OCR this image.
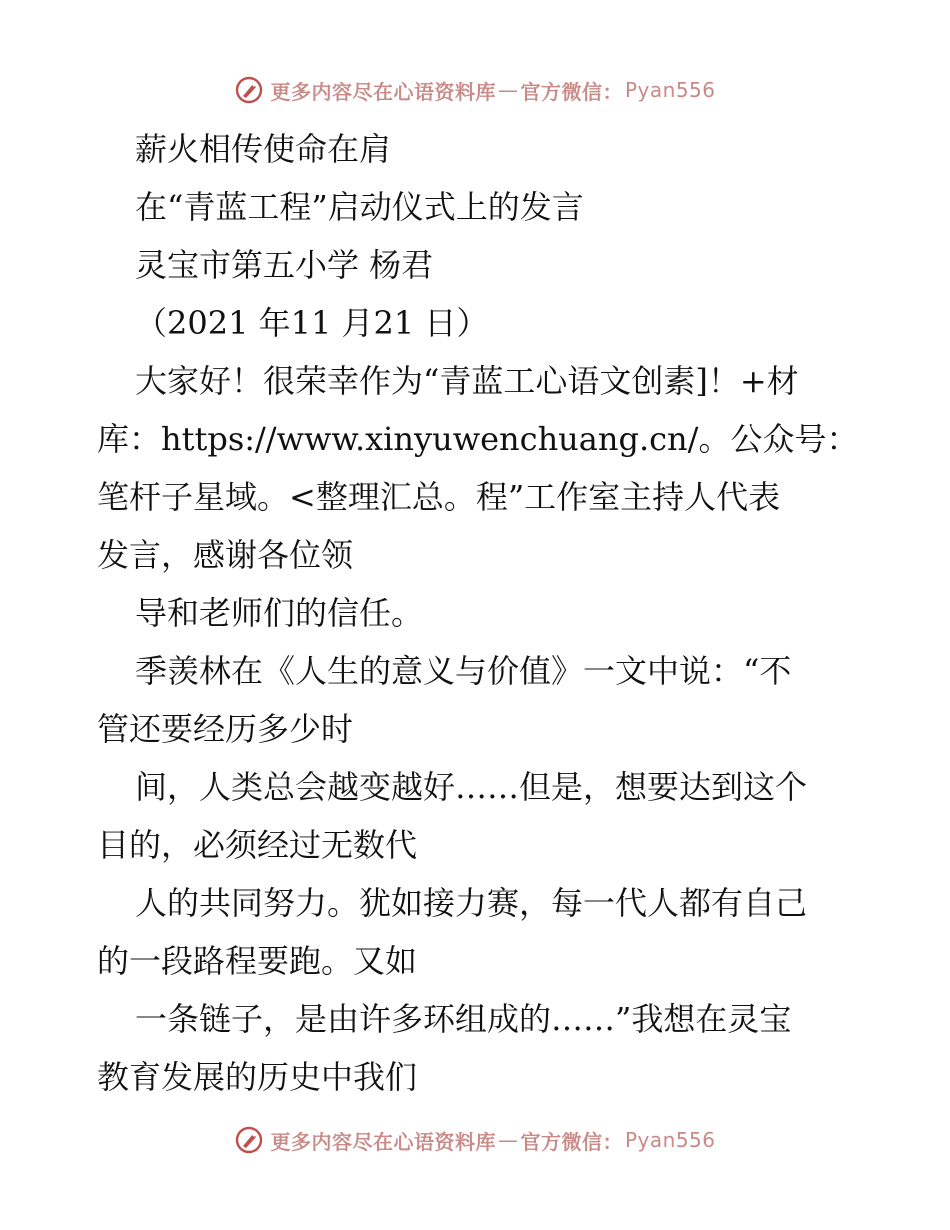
更多内容尽在心语资料库 — 官方微信： Pyan556
薪火相传使命在肩
在“青蓝工程”启动仪式上的发言
灵宝市第五小学 杨君
（2021 年11 月21 日）
大家好！很荣幸作为“青蓝工心语文创素]！+材
库：https://www.xinyuwenchuang.cn/。公众号：
笔杆子星域。<整理汇总。程”工作室主持人代表
发言，感谢各位领
导和老师们的信任。
季羡林在《人生的意义与价值》一文中说：“不
管还要经历多少时
间，人类总会越变越好……但是，想要达到这个
目的，必须经过无数代
人的共同努力。犹如接力赛，每一代人都有自己
的一段路程要跑。又如
一条链子，是由许多环组成的……”我想在灵宝
教育发展的历史中我们
更多内容尽在心语资料库 — 官方微信： Pyan556
